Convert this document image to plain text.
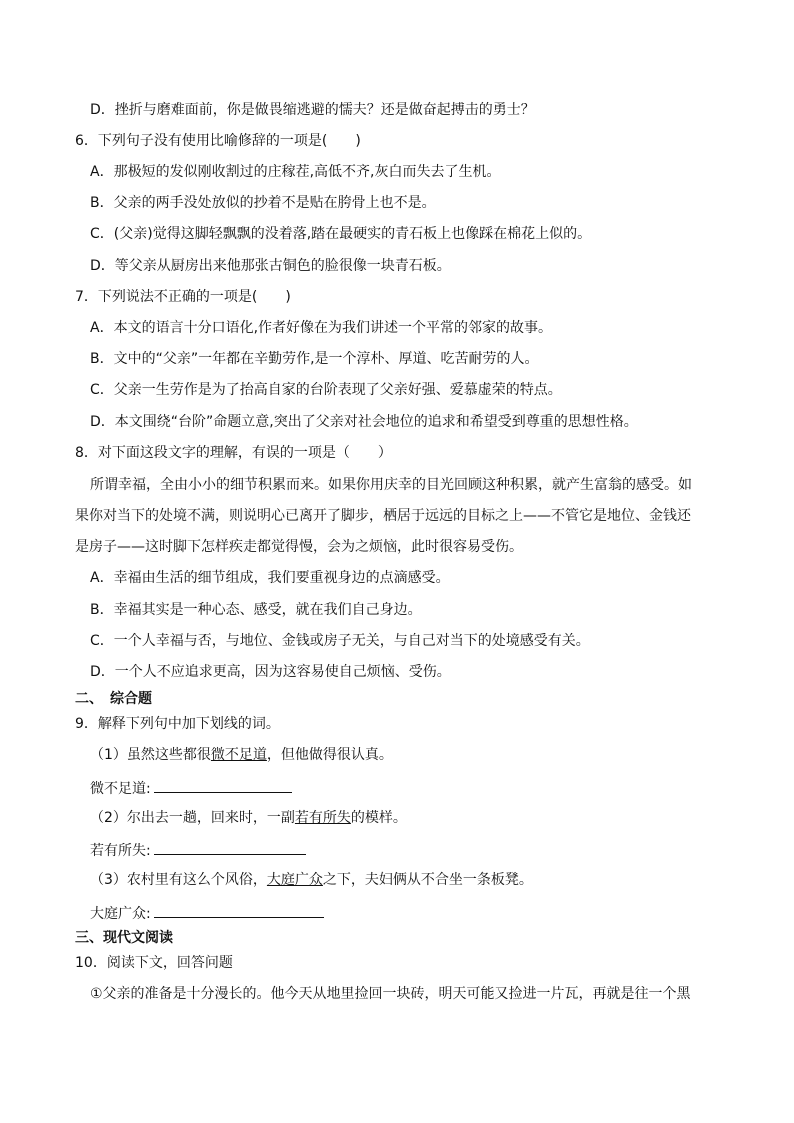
D．挫折与磨难面前，你是做畏缩逃避的懦夫？还是做奋起搏击的勇士？
6．下列句子没有使用比喻修辞的一项是(　　)
A．那极短的发似刚收割过的庄稼茬,高低不齐,灰白而失去了生机。
B．父亲的两手没处放似的抄着不是贴在胯骨上也不是。
C．(父亲)觉得这脚轻飘飘的没着落,踏在最硬实的青石板上也像踩在棉花上似的。
D．等父亲从厨房出来他那张古铜色的脸很像一块青石板。
7．下列说法不正确的一项是(　　)
A．本文的语言十分口语化,作者好像在为我们讲述一个平常的邻家的故事。
B．文中的“父亲”一年都在辛勤劳作,是一个淳朴、厚道、吃苦耐劳的人。
C．父亲一生劳作是为了抬高自家的台阶表现了父亲好强、爱慕虚荣的特点。
D．本文围绕“台阶”命题立意,突出了父亲对社会地位的追求和希望受到尊重的思想性格。
8．对下面这段文字的理解，有误的一项是（　　）
所谓幸福，全由小小的细节积累而来。如果你用庆幸的目光回顾这种积累，就产生富翁的感受。如
果你对当下的处境不满，则说明心已离开了脚步，栖居于远远的目标之上——不管它是地位、金钱还
是房子——这时脚下怎样疾走都觉得慢，会为之烦恼，此时很容易受伤。
A．幸福由生活的细节组成，我们要重视身边的点滴感受。
B．幸福其实是一种心态、感受，就在我们自己身边。
C．一个人幸福与否，与地位、金钱或房子无关，与自己对当下的处境感受有关。
D．一个人不应追求更高，因为这容易使自己烦恼、受伤。
二、　综合题
9．解释下列句中加下划线的词。
（1）虽然这些都很微不足道，但他做得很认真。
微不足道:
（2）尔出去一趟，回来时，一副若有所失的模样。
若有所失:
（3）农村里有这么个风俗，大庭广众之下，夫妇俩从不合坐一条板凳。
大庭广众:
三、现代文阅读
10．阅读下文，回答问题
①父亲的准备是十分漫长的。他今天从地里捡回一块砖，明天可能又捡进一片瓦，再就是往一个黑
